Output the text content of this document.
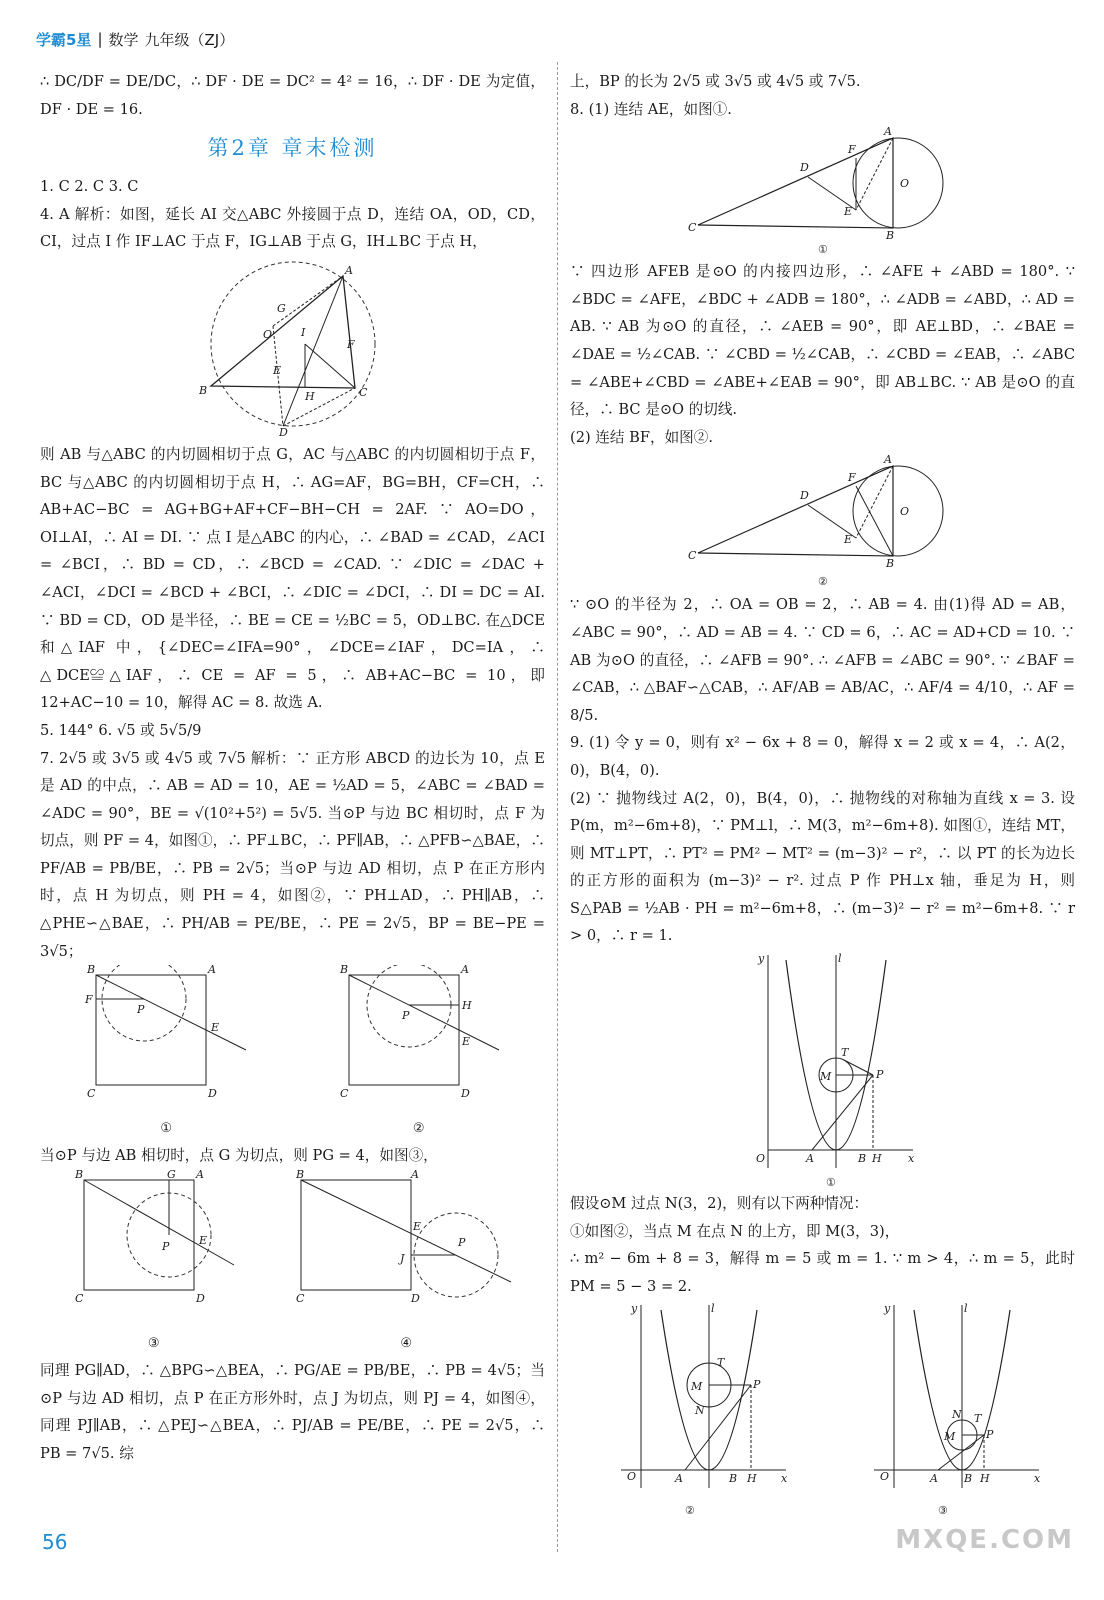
学霸5星 | 数学 九年级（ZJ）

∴ DC/DF = DE/DC，∴ DF · DE = DC² = 4² = 16，∴ DF · DE 为定值，DF · DE = 16.

第2章 章末检测

1. C 2. C 3. C

4. A 解析：如图，延长 AI 交△ABC 外接圆于点 D，连结 OA，OD，CD，CI，过点 I 作 IF⊥AC 于点 F，IG⊥AB 于点 G，IH⊥BC 于点 H，

A
B	C
D
O	I
G
F
E
H

则 AB 与△ABC 的内切圆相切于点 G，AC 与△ABC 的内切圆相切于点 F，BC 与△ABC 的内切圆相切于点 H，∴ AG=AF，BG=BH，CF=CH，∴ AB+AC−BC = AG+BG+AF+CF−BH−CH = 2AF. ∵ AO=DO，OI⊥AI，∴ AI = DI. ∵ 点 I 是△ABC 的内心，∴ ∠BAD = ∠CAD，∠ACI = ∠BCI，∴ BD = CD，∴ ∠BCD = ∠CAD. ∵ ∠DIC = ∠DAC + ∠ACI，∠DCI = ∠BCD + ∠BCI，∴ ∠DIC = ∠DCI，∴ DI = DC = AI. ∵ BD = CD，OD 是半径，∴ BE = CE = ½BC = 5，OD⊥BC. 在△DCE 和△IAF 中，{∠DEC=∠IFA=90°，∠DCE=∠IAF，DC=IA，∴ △DCE≌△IAF，∴ CE = AF = 5，∴ AB+AC−BC = 10，即 12+AC−10 = 10，解得 AC = 8. 故选 A.

5. 144° 6. √5 或 5√5/9

7. 2√5 或 3√5 或 4√5 或 7√5 解析：∵ 正方形 ABCD 的边长为 10，点 E 是 AD 的中点，∴ AB = AD = 10，AE = ½AD = 5，∠ABC = ∠BAD = ∠ADC = 90°，BE = √(10²+5²) = 5√5. 当⊙P 与边 BC 相切时，点 F 为切点，则 PF = 4，如图①，∴ PF⊥BC，∴ PF∥AB，∴ △PFB∽△BAE，∴ PF/AB = PB/BE，∴ PB = 2√5；当⊙P 与边 AD 相切，点 P 在正方形内时，点 H 为切点，则 PH = 4，如图②，∵ PH⊥AD，∴ PH∥AB，∴ △PHE∽△BAE，∴ PH/AB = PE/BE，∴ PE = 2√5，BP = BE−PE = 3√5；

B	A
C	D
F
P
E
①
B	A
C	D
H
P
E
②

当⊙P 与边 AB 相切时，点 G 为切点，则 PG = 4，如图③，

B	A
C	D
G
P	E
③
B	A
C	D
E
J
P
④

同理 PG∥AD，∴ △BPG∽△BEA，∴ PG/AE = PB/BE，∴ PB = 4√5；当⊙P 与边 AD 相切，点 P 在正方形外时，点 J 为切点，则 PJ = 4，如图④，同理 PJ∥AB，∴ △PEJ∽△BEA，∴ PJ/AB = PE/BE，∴ PE = 2√5，∴ PB = 7√5. 综

上，BP 的长为 2√5 或 3√5 或 4√5 或 7√5.

8. (1) 连结 AE，如图①.

A
B
C
D
F
E
O
①

∵ 四边形 AFEB 是⊙O 的内接四边形，∴ ∠AFE + ∠ABD = 180°. ∵ ∠BDC = ∠AFE，∠BDC + ∠ADB = 180°，∴ ∠ADB = ∠ABD，∴ AD = AB. ∵ AB 为⊙O 的直径，∴ ∠AEB = 90°，即 AE⊥BD，∴ ∠BAE = ∠DAE = ½∠CAB. ∵ ∠CBD = ½∠CAB，∴ ∠CBD = ∠EAB，∴ ∠ABC = ∠ABE+∠CBD = ∠ABE+∠EAB = 90°，即 AB⊥BC. ∵ AB 是⊙O 的直径，∴ BC 是⊙O 的切线.

(2) 连结 BF，如图②.

A
B
C
D
F
E
O
②

∵ ⊙O 的半径为 2，∴ OA = OB = 2，∴ AB = 4. 由(1)得 AD = AB，∠ABC = 90°，∴ AD = AB = 4. ∵ CD = 6，∴ AC = AD+CD = 10. ∵ AB 为⊙O 的直径，∴ ∠AFB = 90°. ∴ ∠AFB = ∠ABC = 90°. ∵ ∠BAF = ∠CAB，∴ △BAF∽△CAB，∴ AF/AB = AB/AC，∴ AF/4 = 4/10，∴ AF = 8/5.

9. (1) 令 y = 0，则有 x² − 6x + 8 = 0，解得 x = 2 或 x = 4，∴ A(2，0)，B(4，0).

(2) ∵ 抛物线过 A(2，0)，B(4，0)，∴ 抛物线的对称轴为直线 x = 3. 设 P(m，m²−6m+8)，∵ PM⊥l，∴ M(3，m²−6m+8). 如图①，连结 MT，则 MT⊥PT，∴ PT² = PM² − MT² = (m−3)² − r²，∴ 以 PT 的长为边长的正方形的面积为 (m−3)² − r². 过点 P 作 PH⊥x 轴，垂足为 H，则 S△PAB = ½AB · PH = m²−6m+8，∴ (m−3)² − r² = m²−6m+8. ∵ r > 0，∴ r = 1.

y	l
x
O	A	B H
M
T
P
①

假设⊙M 过点 N(3，2)，则有以下两种情况：

①如图②，当点 M 在点 N 的上方，即 M(3，3)，

∴ m² − 6m + 8 = 3，解得 m = 5 或 m = 1. ∵ m > 4，∴ m = 5，此时 PM = 5 − 3 = 2.

y	l
x
O	A	B H
M
T
P
N
②
y	l
x
O	A B H
M
T
P
N
③
56	MXQE.COM
